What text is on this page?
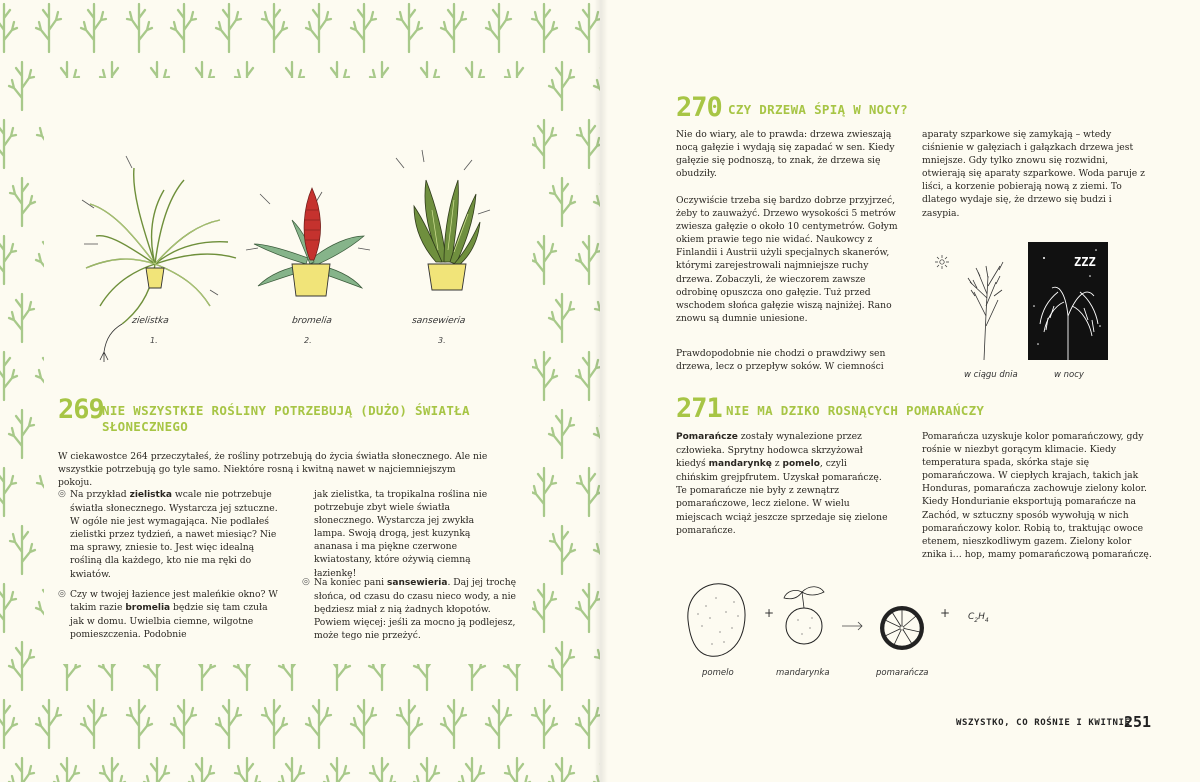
zielistka
1.
bromelia
2.
sansewieria
3.
269
NIE WSZYSTKIE ROŚLINY POTRZEBUJĄ (DUŻO) ŚWIATŁA SŁONECZNEGO
W ciekawostce 264 przeczytałeś, że rośliny potrzebują do życia światła słonecznego. Ale nie wszystkie potrzebują go tyle samo. Niektóre rosną i kwitną nawet w najciemniejszym pokoju.
◎ Na przykład zielistka wcale nie potrzebuje światła słonecznego. Wystarcza jej sztuczne. W ogóle nie jest wymagająca. Nie podlałeś zielistki przez tydzień, a nawet miesiąc? Nie ma sprawy, zniesie to. Jest więc idealną rośliną dla każdego, kto nie ma ręki do kwiatów.
◎ Czy w twojej łazience jest maleńkie okno? W takim razie bromelia będzie się tam czuła jak w domu. Uwielbia ciemne, wilgotne pomieszczenia. Podobnie
jak zielistka, ta tropikalna roślina nie potrzebuje zbyt wiele światła słonecznego. Wystarcza jej zwykła lampa. Swoją drogą, jest kuzynką ananasa i ma piękne czerwone kwiatostany, które ożywią ciemną łazienkę!
◎ Na koniec pani sansewieria. Daj jej trochę słońca, od czasu do czasu nieco wody, a nie będziesz miał z nią żadnych kłopotów. Powiem więcej: jeśli za mocno ją podlejesz, może tego nie przeżyć.
270 CZY DRZEWA ŚPIĄ W NOCY?
Nie do wiary, ale to prawda: drzewa zwieszają nocą gałęzie i wydają się zapadać w sen. Kiedy gałęzie się podnoszą, to znak, że drzewa się obudziły.
Oczywiście trzeba się bardzo dobrze przyjrzeć, żeby to zauważyć. Drzewo wysokości 5 metrów zwiesza gałęzie o około 10 centymetrów. Gołym okiem prawie tego nie widać. Naukowcy z Finlandii i Austrii użyli specjalnych skanerów, którymi zarejestrowali najmniejsze ruchy drzewa. Zobaczyli, że wieczorem zawsze odrobinę opuszcza ono gałęzie. Tuż przed wschodem słońca gałęzie wiszą najniżej. Rano znowu są dumnie uniesione.
Prawdopodobnie nie chodzi o prawdziwy sen drzewa, lecz o przepływ soków. W ciemności
aparaty szparkowe się zamykają – wtedy ciśnienie w gałęziach i gałązkach drzewa jest mniejsze. Gdy tylko znowu się rozwidni, otwierają się aparaty szparkowe. Woda paruje z liści, a korzenie pobierają nową z ziemi. To dlatego wydaje się, że drzewo się budzi i zasypia.
ZZZ
w ciągu dnia	w nocy
271 NIE MA DZIKO ROSNĄCYCH POMARAŃCZY
Pomarańcze zostały wynalezione przez człowieka. Sprytny hodowca skrzyżował kiedyś mandarynkę z pomelo, czyli chińskim grejpfrutem. Uzyskał pomarańczę. Te pomarańcze nie były z zewnątrz pomarańczowe, lecz zielone. W wielu miejscach wciąż jeszcze sprzedaje się zielone pomarańcze.
Pomarańcza uzyskuje kolor pomarańczowy, gdy rośnie w niezbyt gorącym klimacie. Kiedy temperatura spada, skórka staje się pomarańczowa. W ciepłych krajach, takich jak Honduras, pomarańcza zachowuje zielony kolor. Kiedy Hondurianie eksportują pomarańcze na Zachód, w sztuczny sposób wywołują w nich pomarańczowy kolor. Robią to, traktując owoce etenem, nieszkodliwym gazem. Zielony kolor znika i… hop, mamy pomarańczową pomarańczę.
+	+ $C_2H_4$
pomelo	mandarynka	pomarańcza
WSZYSTKO, CO ROŚNIE I KWITNIE
251
